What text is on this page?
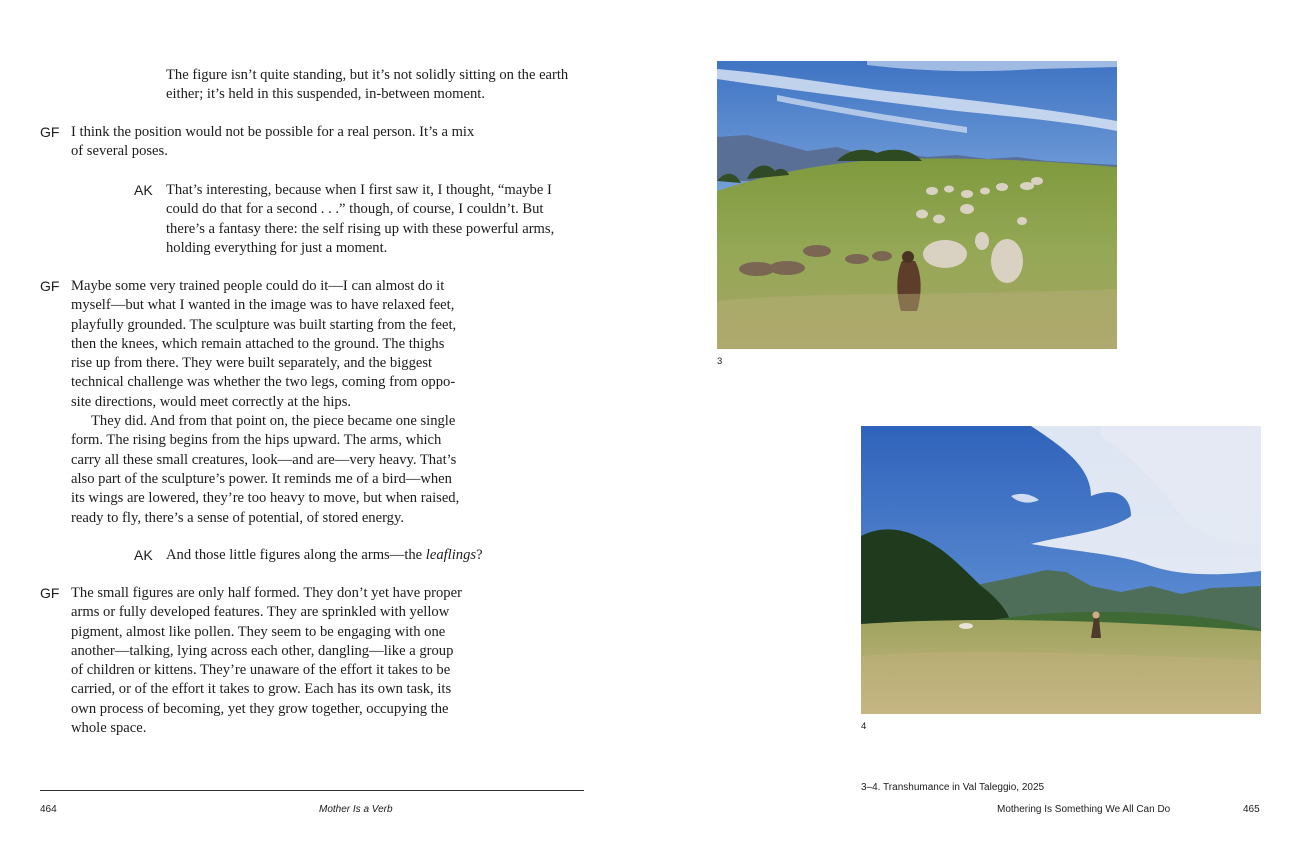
The figure isn’t quite standing, but it’s not solidly sitting on the earth
either; it’s held in this suspended, in-between moment.
GF I think the position would not be possible for a real person. It’s a mix
of several poses.
AK That’s interesting, because when I first saw it, I thought, “maybe I
could do that for a second . . .” though, of course, I couldn’t. But
there’s a fantasy there: the self rising up with these powerful arms,
holding everything for just a moment.
GF Maybe some very trained people could do it—I can almost do it
myself—but what I wanted in the image was to have relaxed feet,
playfully grounded. The sculpture was built starting from the feet,
then the knees, which remain attached to the ground. The thighs
rise up from there. They were built separately, and the biggest
technical challenge was whether the two legs, coming from oppo-
site directions, would meet correctly at the hips.
They did. And from that point on, the piece became one single
form. The rising begins from the hips upward. The arms, which
carry all these small creatures, look—and are—very heavy. That’s
also part of the sculpture’s power. It reminds me of a bird—when
its wings are lowered, they’re too heavy to move, but when raised,
ready to fly, there’s a sense of potential, of stored energy.
AK And those little figures along the arms—the leaflings?
GF The small figures are only half formed. They don’t yet have proper
arms or fully developed features. They are sprinkled with yellow
pigment, almost like pollen. They seem to be engaging with one
another—talking, lying across each other, dangling—like a group
of children or kittens. They’re unaware of the effort it takes to be
carried, or of the effort it takes to grow. Each has its own task, its
own process of becoming, yet they grow together, occupying the
whole space.
464	Mother Is a Verb
3
4
3–4. Transhumance in Val Taleggio, 2025
Mothering Is Something We All Can Do	465
